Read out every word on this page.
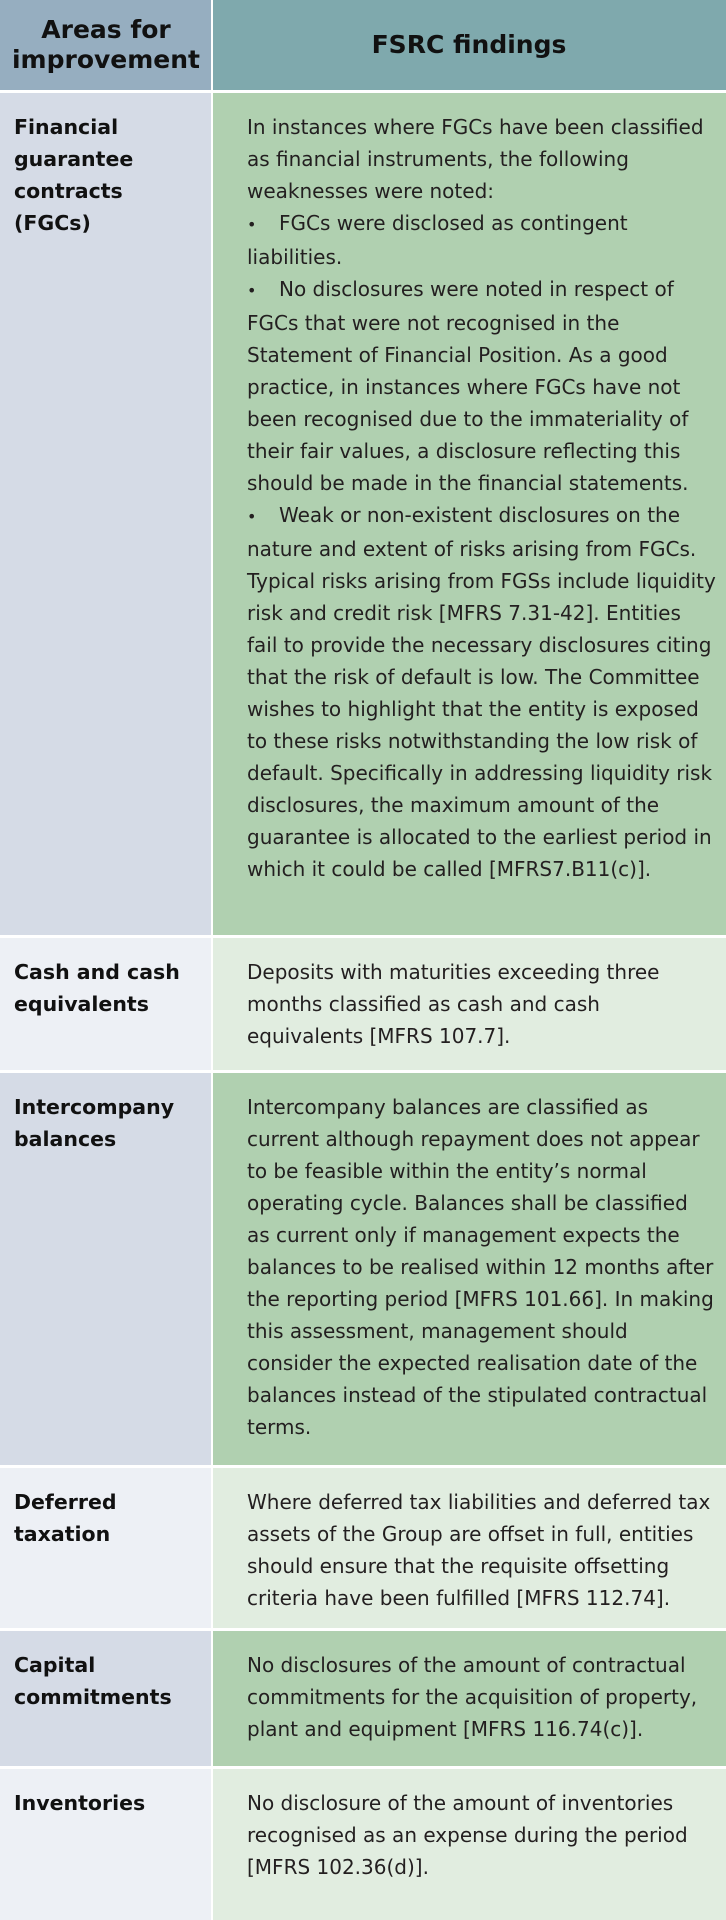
Areas for improvement
FSRC findings
Financial guarantee contracts (FGCs)
In instances where FGCs have been classified as financial instruments, the following weaknesses were noted:
• FGCs were disclosed as contingent liabilities.
• No disclosures were noted in respect of FGCs that were not recognised in the Statement of Financial Position. As a good practice, in instances where FGCs have not been recognised due to the immateriality of their fair values, a disclosure reflecting this should be made in the financial statements.
• Weak or non-existent disclosures on the nature and extent of risks arising from FGCs. Typical risks arising from FGSs include liquidity risk and credit risk [MFRS 7.31-42]. Entities fail to provide the necessary disclosures citing that the risk of default is low. The Committee wishes to highlight that the entity is exposed to these risks notwithstanding the low risk of default. Specifically in addressing liquidity risk disclosures, the maximum amount of the guarantee is allocated to the earliest period in which it could be called [MFRS7.B11(c)].
Cash and cash equivalents
Deposits with maturities exceeding three months classified as cash and cash equivalents [MFRS 107.7].
Intercompany balances
Intercompany balances are classified as current although repayment does not appear to be feasible within the entity’s normal operating cycle. Balances shall be classified as current only if management expects the balances to be realised within 12 months after the reporting period [MFRS 101.66]. In making this assessment, management should consider the expected realisation date of the balances instead of the stipulated contractual terms.
Deferred taxation
Where deferred tax liabilities and deferred tax assets of the Group are offset in full, entities should ensure that the requisite offsetting criteria have been fulfilled [MFRS 112.74].
Capital commitments
No disclosures of the amount of contractual commitments for the acquisition of property, plant and equipment [MFRS 116.74(c)].
Inventories	No disclosure of the amount of inventories recognised as an expense during the period [MFRS 102.36(d)].
